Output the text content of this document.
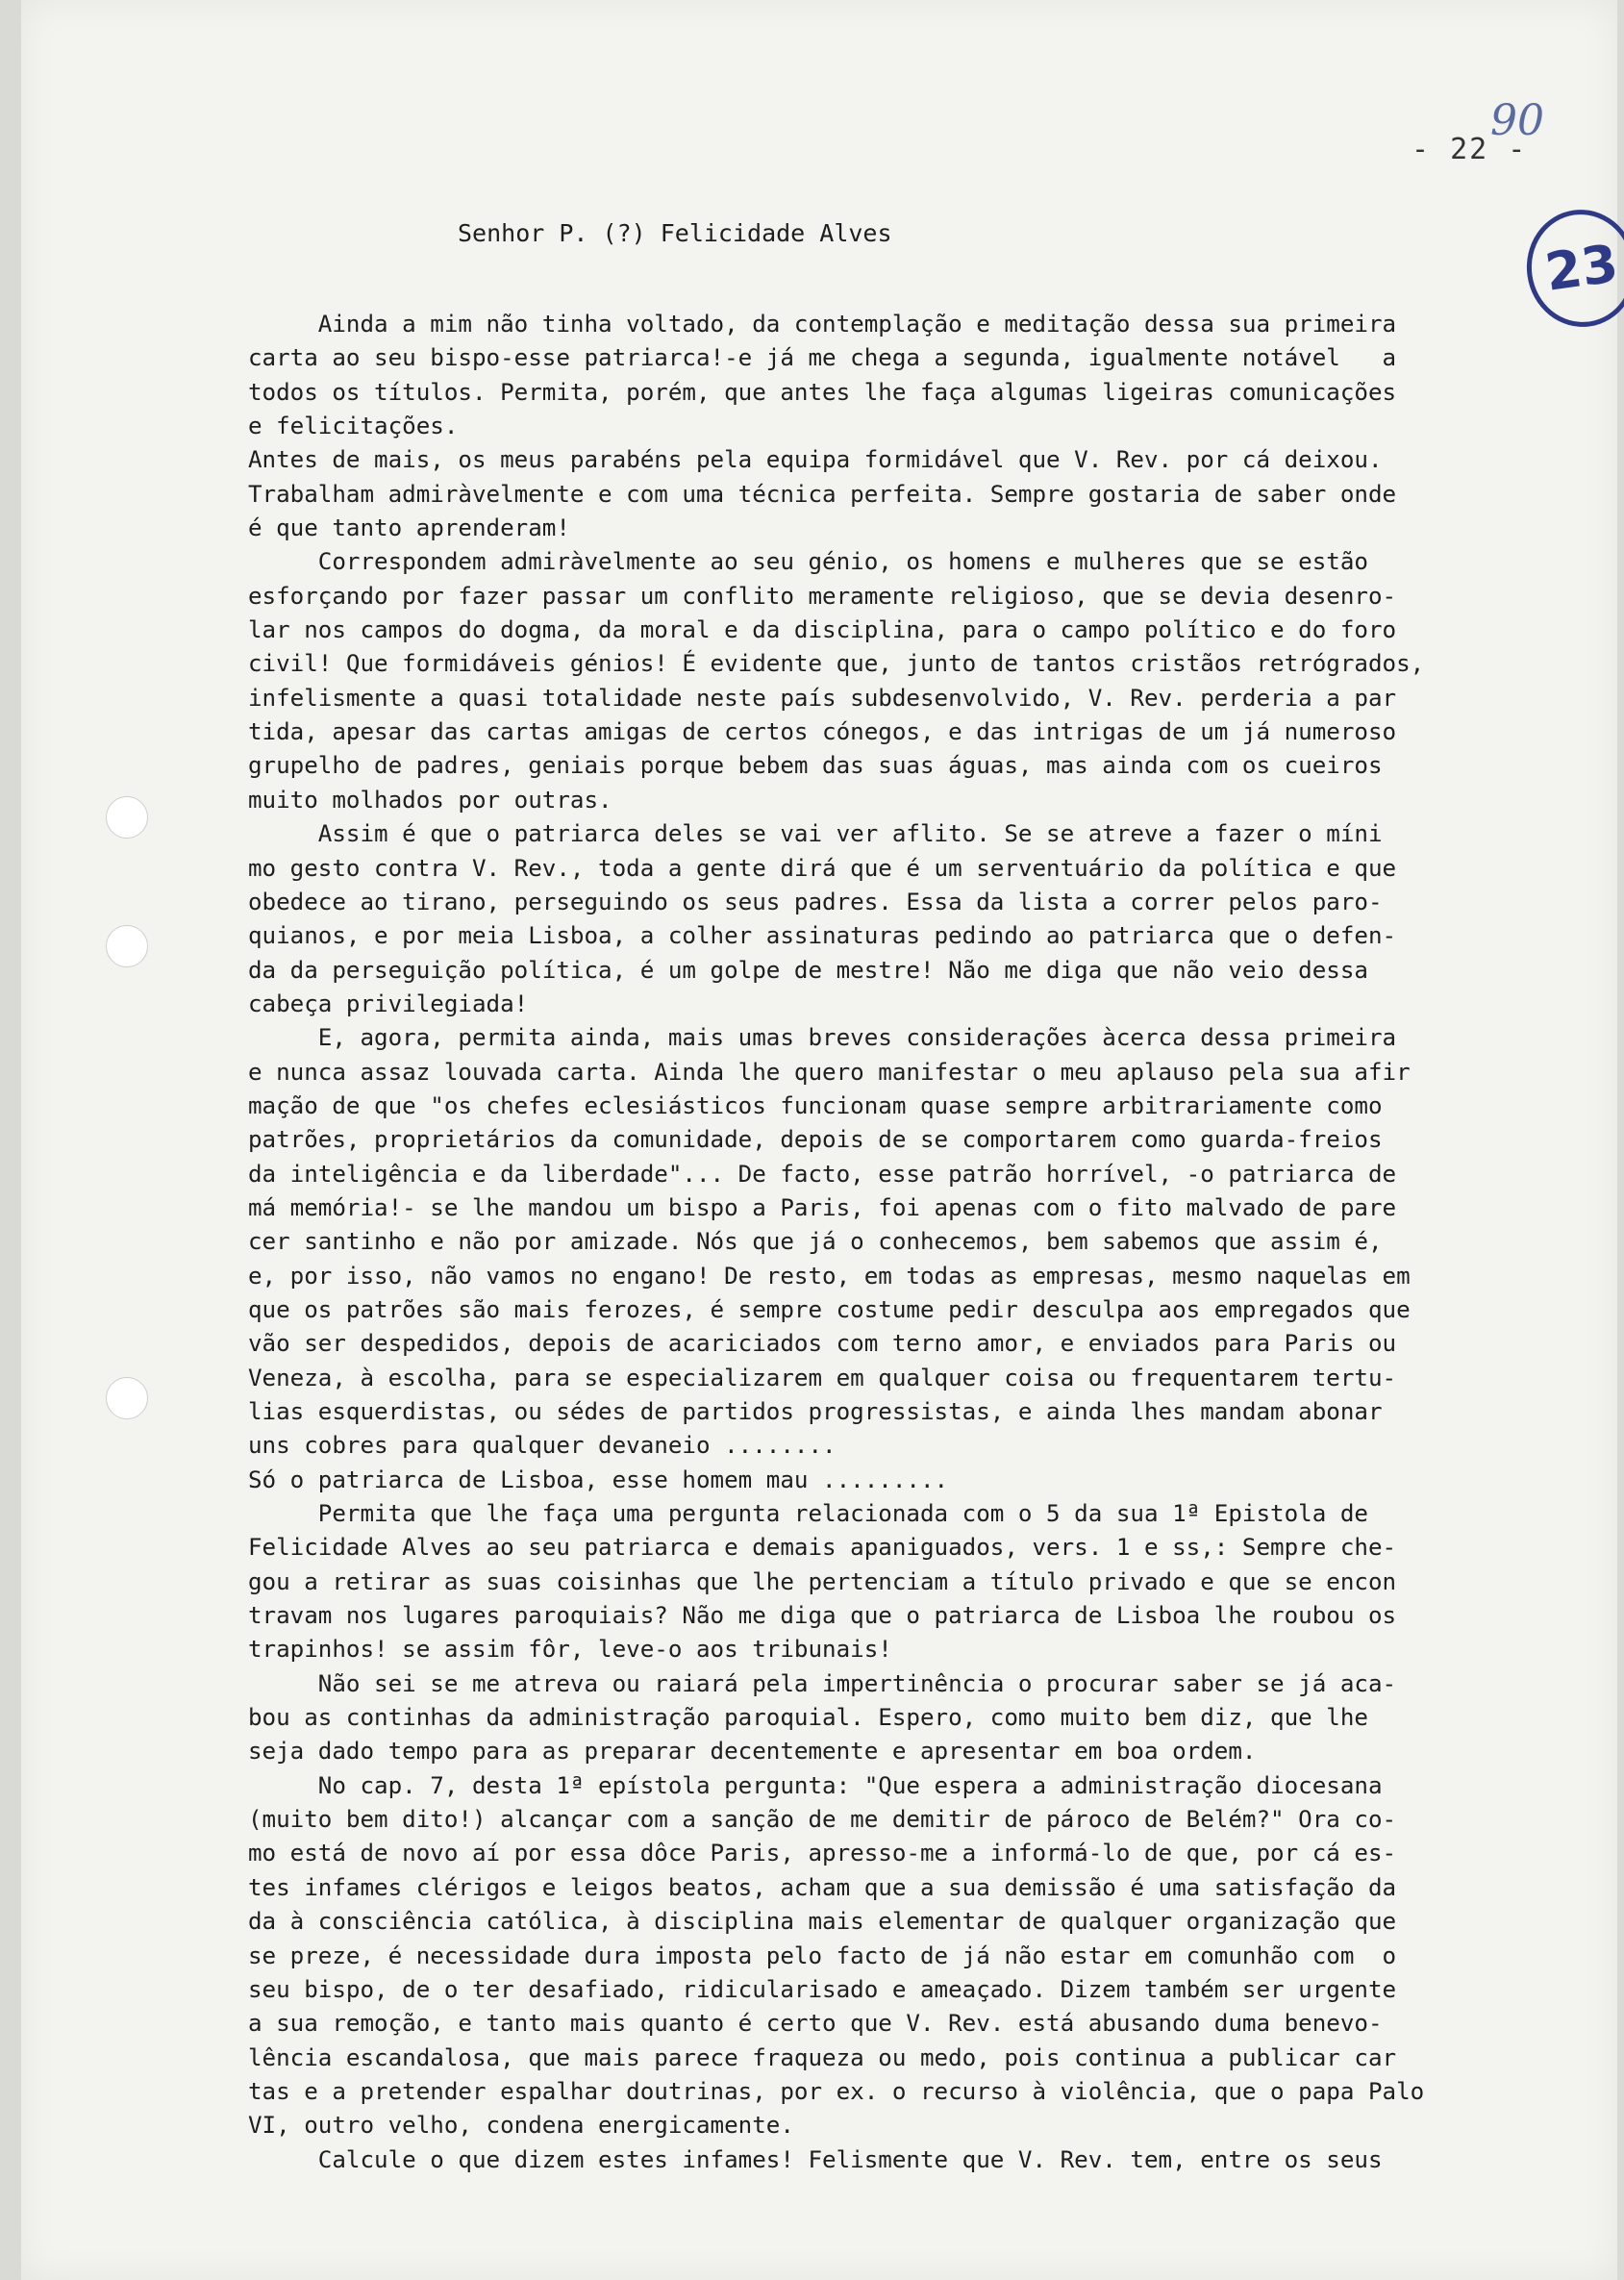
- 22 -
90
23
Senhor P. (?) Felicidade Alves
Ainda a mim não tinha voltado, da contemplação e meditação dessa sua primeira
carta ao seu bispo-esse patriarca!-e já me chega a segunda, igualmente notável   a
todos os títulos. Permita, porém, que antes lhe faça algumas ligeiras comunicações
e felicitações.
Antes de mais, os meus parabéns pela equipa formidável que V. Rev. por cá deixou.
Trabalham admiràvelmente e com uma técnica perfeita. Sempre gostaria de saber onde
é que tanto aprenderam!
Correspondem admiràvelmente ao seu génio, os homens e mulheres que se estão
esforçando por fazer passar um conflito meramente religioso, que se devia desenro-
lar nos campos do dogma, da moral e da disciplina, para o campo político e do foro
civil! Que formidáveis génios! É evidente que, junto de tantos cristãos retrógrados,
infelismente a quasi totalidade neste país subdesenvolvido, V. Rev. perderia a par
tida, apesar das cartas amigas de certos cónegos, e das intrigas de um já numeroso
grupelho de padres, geniais porque bebem das suas águas, mas ainda com os cueiros
muito molhados por outras.
Assim é que o patriarca deles se vai ver aflito. Se se atreve a fazer o míni
mo gesto contra V. Rev., toda a gente dirá que é um serventuário da política e que
obedece ao tirano, perseguindo os seus padres. Essa da lista a correr pelos paro-
quianos, e por meia Lisboa, a colher assinaturas pedindo ao patriarca que o defen-
da da perseguição política, é um golpe de mestre! Não me diga que não veio dessa
cabeça privilegiada!
E, agora, permita ainda, mais umas breves considerações àcerca dessa primeira
e nunca assaz louvada carta. Ainda lhe quero manifestar o meu aplauso pela sua afir
mação de que "os chefes eclesiásticos funcionam quase sempre arbitrariamente como
patrões, proprietários da comunidade, depois de se comportarem como guarda-freios
da inteligência e da liberdade"... De facto, esse patrão horrível, -o patriarca de
má memória!- se lhe mandou um bispo a Paris, foi apenas com o fito malvado de pare
cer santinho e não por amizade. Nós que já o conhecemos, bem sabemos que assim é,
e, por isso, não vamos no engano! De resto, em todas as empresas, mesmo naquelas em
que os patrões são mais ferozes, é sempre costume pedir desculpa aos empregados que
vão ser despedidos, depois de acariciados com terno amor, e enviados para Paris ou
Veneza, à escolha, para se especializarem em qualquer coisa ou frequentarem tertu-
lias esquerdistas, ou sédes de partidos progressistas, e ainda lhes mandam abonar
uns cobres para qualquer devaneio ........
Só o patriarca de Lisboa, esse homem mau .........
Permita que lhe faça uma pergunta relacionada com o 5 da sua 1ª Epistola de
Felicidade Alves ao seu patriarca e demais apaniguados, vers. 1 e ss,: Sempre che-
gou a retirar as suas coisinhas que lhe pertenciam a título privado e que se encon
travam nos lugares paroquiais? Não me diga que o patriarca de Lisboa lhe roubou os
trapinhos! se assim fôr, leve-o aos tribunais!
Não sei se me atreva ou raiará pela impertinência o procurar saber se já aca-
bou as continhas da administração paroquial. Espero, como muito bem diz, que lhe
seja dado tempo para as preparar decentemente e apresentar em boa ordem.
No cap. 7, desta 1ª epístola pergunta: "Que espera a administração diocesana
(muito bem dito!) alcançar com a sanção de me demitir de pároco de Belém?" Ora co-
mo está de novo aí por essa dôce Paris, apresso-me a informá-lo de que, por cá es-
tes infames clérigos e leigos beatos, acham que a sua demissão é uma satisfação da
da à consciência católica, à disciplina mais elementar de qualquer organização que
se preze, é necessidade dura imposta pelo facto de já não estar em comunhão com  o
seu bispo, de o ter desafiado, ridicularisado e ameaçado. Dizem também ser urgente
a sua remoção, e tanto mais quanto é certo que V. Rev. está abusando duma benevo-
lência escandalosa, que mais parece fraqueza ou medo, pois continua a publicar car
tas e a pretender espalhar doutrinas, por ex. o recurso à violência, que o papa Palo
VI, outro velho, condena energicamente.
Calcule o que dizem estes infames! Felismente que V. Rev. tem, entre os seus
